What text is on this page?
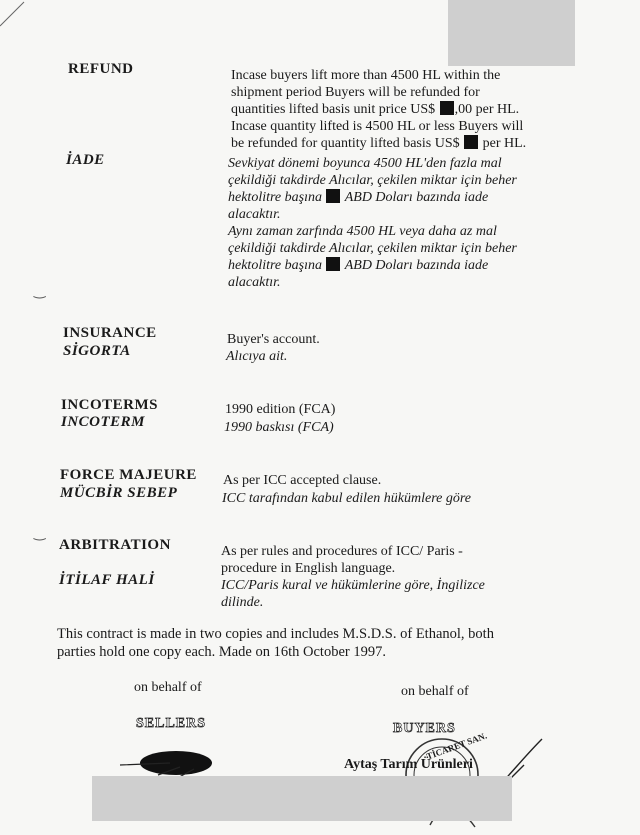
REFUND
İADE
Incase buyers lift more than 4500 HL within the
shipment period Buyers will be refunded for
quantities lifted basis unit price US$ ,00 per HL.
Incase quantity lifted is 4500 HL or less Buyers will
be refunded for quantity lifted basis US$  per HL.
Sevkiyat dönemi boyunca 4500 HL'den fazla mal
çekildiği takdirde Alıcılar, çekilen miktar için beher
hektolitre başına  ABD Doları bazında iade
alacaktır.
Aynı zaman zarfında 4500 HL veya daha az mal
çekildiği takdirde Alıcılar, çekilen miktar için beher
hektolitre başına  ABD Doları bazında iade
alacaktır.
INSURANCE
SİGORTA
Buyer's account.
Alıcıya ait.
INCOTERMS
INCOTERM
1990 edition (FCA)
1990 baskısı (FCA)
FORCE MAJEURE
MÜCBİR SEBEP
As per ICC accepted clause.
ICC tarafından kabul edilen hükümlere göre
ARBITRATION
İTİLAF HALİ
As per rules and procedures of ICC/ Paris -
procedure in English language.
ICC/Paris kural ve hükümlerine göre, İngilizce
dilinde.
This contract is made in two copies and includes M.S.D.S. of Ethanol, both
parties hold one copy each. Made on 16th October 1997.
on behalf of	on behalf of
SELLERS	BUYERS
TİCARET SAN.
Aytaş Tarım Ürünleri
‿
‿
